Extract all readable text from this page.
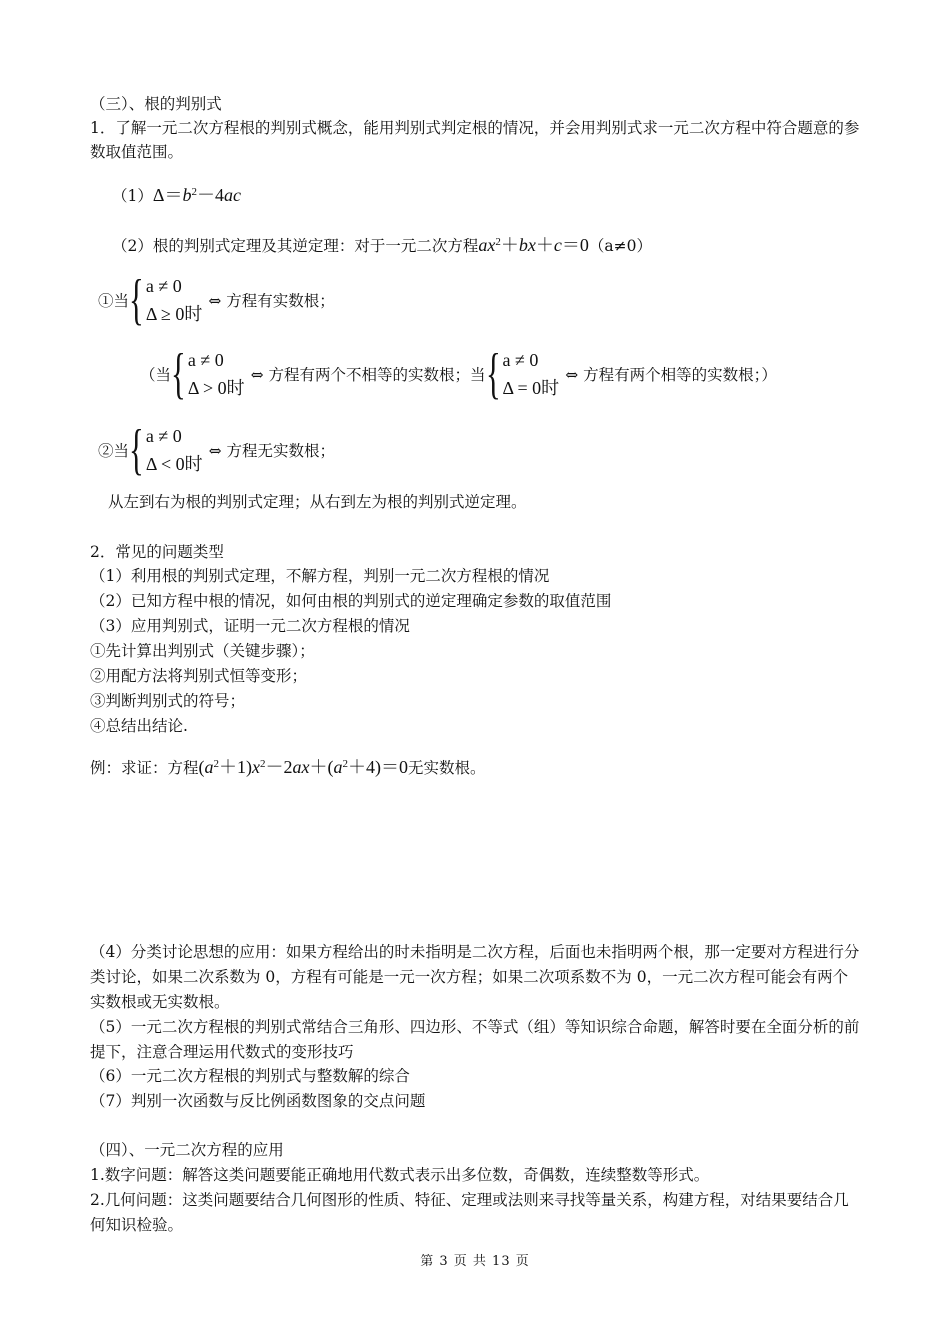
（三）、根的判别式
1．了解一元二次方程根的判别式概念，能用判别式判定根的情况，并会用判别式求一元二次方程中符合题意的参数取值范围。
$(1)\Delta=b^2-4ac$
（2）根的判别式定理及其逆定理：对于一元二次方程$ax^2+bx+c=0(a\ne 0)$
①当 { a ≠ 0
Δ ≥ 0时
⇔ 方程有实数根；
（当 { a ≠ 0
Δ > 0时
⇔ 方程有两个不相等的实数根；当 { a ≠ 0
Δ = 0时
⇔ 方程有两个相等的实数根；）
②当 { a ≠ 0
Δ < 0时
⇔ 方程无实数根；
从左到右为根的判别式定理；从右到左为根的判别式逆定理。
2．常见的问题类型
（1）利用根的判别式定理，不解方程，判别一元二次方程根的情况
（2）已知方程中根的情况，如何由根的判别式的逆定理确定参数的取值范围
（3）应用判别式，证明一元二次方程根的情况
①先计算出判别式（关键步骤）；
②用配方法将判别式恒等变形；
③判断判别式的符号；
④总结出结论.
例：求证：方程$(a^2+1)x^2-2ax+(a^2+4)=0$无实数根。
（4）分类讨论思想的应用：如果方程给出的时未指明是二次方程，后面也未指明两个根，那一定要对方程进行分类讨论，如果二次系数为 0，方程有可能是一元一次方程；如果二次项系数不为 0，一元二次方程可能会有两个实数根或无实数根。
（5）一元二次方程根的判别式常结合三角形、四边形、不等式（组）等知识综合命题，解答时要在全面分析的前提下，注意合理运用代数式的变形技巧
（6）一元二次方程根的判别式与整数解的综合
（7）判别一次函数与反比例函数图象的交点问题
（四）、一元二次方程的应用
1.数字问题：解答这类问题要能正确地用代数式表示出多位数，奇偶数，连续整数等形式。
2.几何问题：这类问题要结合几何图形的性质、特征、定理或法则来寻找等量关系，构建方程，对结果要结合几何知识检验。
第 3 页 共 13 页
